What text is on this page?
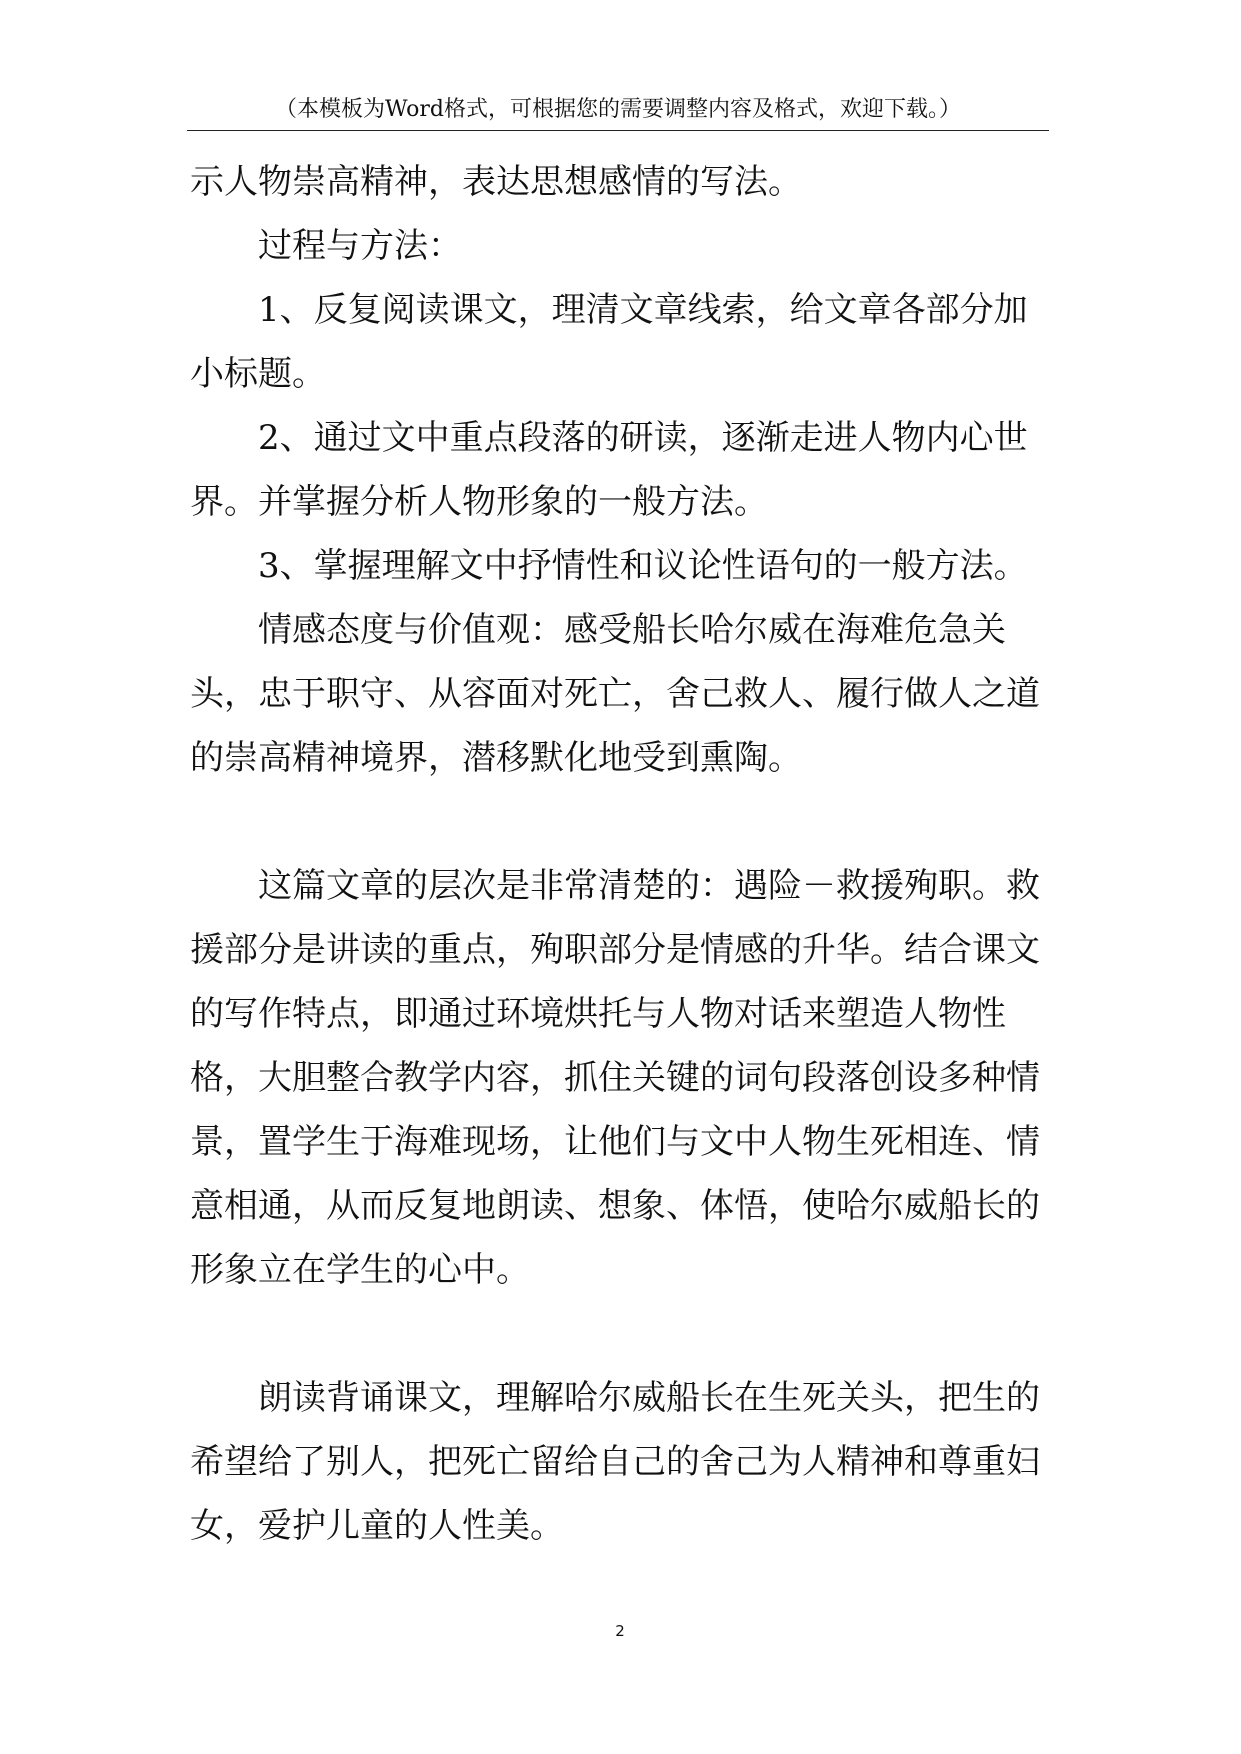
（本模板为Word格式，可根据您的需要调整内容及格式，欢迎下载。）

示人物崇高精神，表达思想感情的写法。

过程与方法：

1、反复阅读课文，理清文章线索，给文章各部分加小标题。

2、通过文中重点段落的研读，逐渐走进人物内心世界。并掌握分析人物形象的一般方法。

3、掌握理解文中抒情性和议论性语句的一般方法。

情感态度与价值观：感受船长哈尔威在海难危急关头，忠于职守、从容面对死亡，舍己救人、履行做人之道的崇高精神境界，潜移默化地受到熏陶。

这篇文章的层次是非常清楚的：遇险－救援殉职。救援部分是讲读的重点，殉职部分是情感的升华。结合课文的写作特点，即通过环境烘托与人物对话来塑造人物性格，大胆整合教学内容，抓住关键的词句段落创设多种情景，置学生于海难现场，让他们与文中人物生死相连、情意相通，从而反复地朗读、想象、体悟，使哈尔威船长的形象立在学生的心中。

朗读背诵课文，理解哈尔威船长在生死关头，把生的希望给了别人，把死亡留给自己的舍己为人精神和尊重妇女，爱护儿童的人性美。

2
